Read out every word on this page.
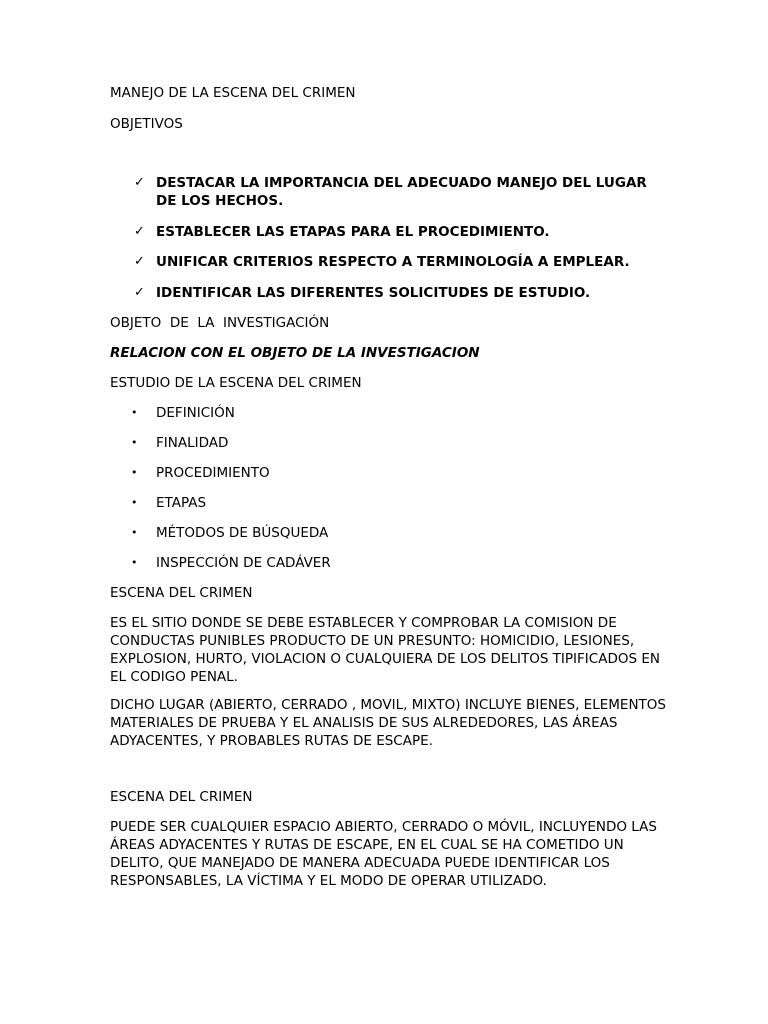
MANEJO DE LA ESCENA DEL CRIMEN
OBJETIVOS
✓ DESTACAR LA IMPORTANCIA DEL ADECUADO MANEJO DEL LUGAR DE LOS HECHOS.
✓ ESTABLECER LAS ETAPAS PARA EL PROCEDIMIENTO.
✓ UNIFICAR CRITERIOS RESPECTO A TERMINOLOGÍA A EMPLEAR.
✓ IDENTIFICAR LAS DIFERENTES SOLICITUDES DE ESTUDIO.
OBJETO  DE  LA  INVESTIGACIÓN
RELACION CON EL OBJETO DE LA INVESTIGACION
ESTUDIO DE LA ESCENA DEL CRIMEN
• DEFINICIÓN
• FINALIDAD
• PROCEDIMIENTO
• ETAPAS
• MÉTODOS DE BÚSQUEDA
• INSPECCIÓN DE CADÁVER
ESCENA DEL CRIMEN

ES EL SITIO DONDE SE DEBE ESTABLECER Y COMPROBAR LA COMISION DE CONDUCTAS PUNIBLES PRODUCTO DE UN PRESUNTO: HOMICIDIO, LESIONES, EXPLOSION, HURTO, VIOLACION O CUALQUIERA DE LOS DELITOS TIPIFICADOS EN EL CODIGO PENAL.

DICHO LUGAR (ABIERTO, CERRADO , MOVIL, MIXTO) INCLUYE BIENES, ELEMENTOS MATERIALES DE PRUEBA Y EL ANALISIS DE SUS ALREDEDORES, LAS ÁREAS ADYACENTES, Y PROBABLES RUTAS DE ESCAPE.

ESCENA DEL CRIMEN

PUEDE SER CUALQUIER ESPACIO ABIERTO, CERRADO O MÓVIL, INCLUYENDO LAS ÁREAS ADYACENTES Y RUTAS DE ESCAPE, EN EL CUAL SE HA COMETIDO UN DELITO, QUE MANEJADO DE MANERA ADECUADA PUEDE IDENTIFICAR LOS RESPONSABLES, LA VÍCTIMA Y EL MODO DE OPERAR UTILIZADO.
